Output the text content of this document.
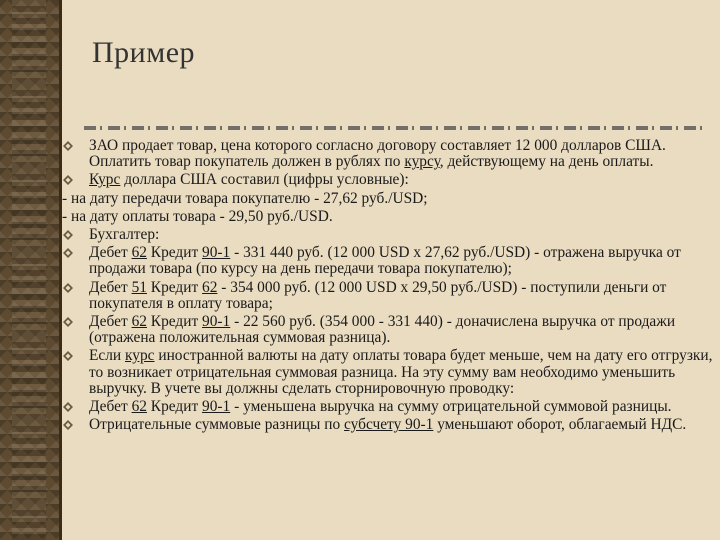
Пример
ЗАО продает товар, цена которого согласно договору составляет 12 000 долларов США. Оплатить товар покупатель должен в рублях по курсу, действующему на день оплаты.
Курс доллара США составил (цифры условные):
- на дату передачи товара покупателю - 27,62 руб./USD;
- на дату оплаты товара - 29,50 руб./USD.
Бухгалтер:
Дебет 62 Кредит 90-1 - 331 440 руб. (12 000 USD x 27,62 руб./USD) - отражена выручка от продажи товара (по курсу на день передачи товара покупателю);
Дебет 51 Кредит 62 - 354 000 руб. (12 000 USD x 29,50 руб./USD) - поступили деньги от покупателя в оплату товара;
Дебет 62 Кредит 90-1 - 22 560 руб. (354 000 - 331 440) - доначислена выручка от продажи (отражена положительная суммовая разница).
Если курс иностранной валюты на дату оплаты товара будет меньше, чем на дату его отгрузки, то возникает отрицательная суммовая разница. На эту сумму вам необходимо уменьшить выручку. В учете вы должны сделать сторнировочную проводку:
Дебет 62 Кредит 90-1 - уменьшена выручка на сумму отрицательной суммовой разницы.
Отрицательные суммовые разницы по субсчету 90-1 уменьшают оборот, облагаемый НДС.
